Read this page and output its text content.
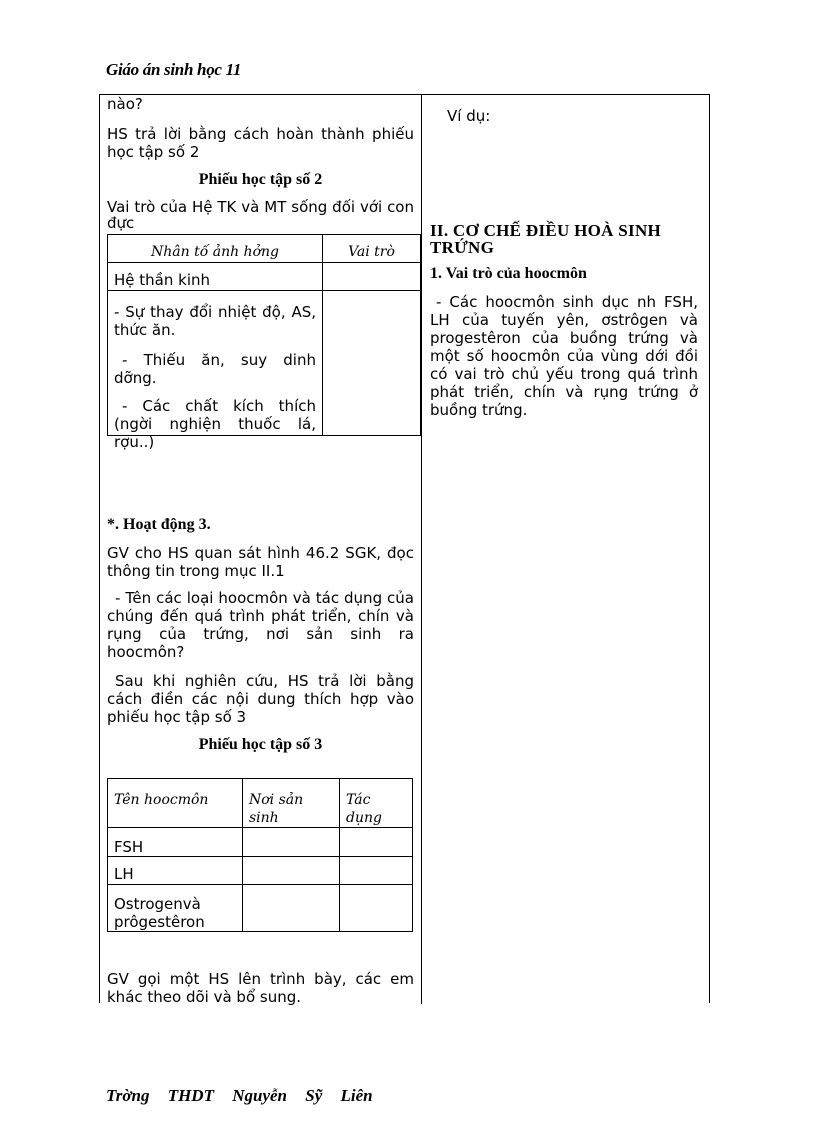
Giáo án sinh học 11
nào?
HS trả lời bằng cách hoàn thành phiếu học tập số 2
Phiếu học tập số 2
Vai trò của Hệ TK và MT sống đối với con đực
Nhân tố ảnh hởng	Vai trò
Hệ thần kinh	

- Sự thay đổi nhiệt độ, AS, thức ăn.
- Thiếu ăn, suy dinh dỡng.
- Các chất kích thích (ngời nghiện thuốc lá, rợu..)	

*. Hoạt động 3.
GV cho HS quan sát hình 46.2 SGK, đọc thông tin trong mục II.1
- Tên các loại hoocmôn và tác dụng của chúng đến quá trình phát triển, chín và rụng của trứng, nơi sản sinh ra hoocmôn?
Sau khi nghiên cứu, HS trả lời bằng cách điền các nội dung thích hợp vào phiếu học tập số 3
Phiếu học tập số 3
Tên hoocmôn	Nơi sản sinh	Tác dụng
FSH		
LH		
Ostrogenvà prôgestêron		
GV gọi một HS lên trình bày, các em khác theo dõi và bổ sung.
Ví dụ:
II. CƠ CHẾ ĐIỀU HOÀ SINH TRỨNG
1. Vai trò của hoocmôn
- Các hoocmôn sinh dục nh FSH, LH của tuyến yên, ơstrôgen và progestêron của buồng trứng và một số hoocmôn của vùng dới đồi có vai trò chủ yếu trong quá trình phát triển, chín và rụng trứng ở buồng trứng.
Trờng THDT Nguyễn Sỹ Liên
